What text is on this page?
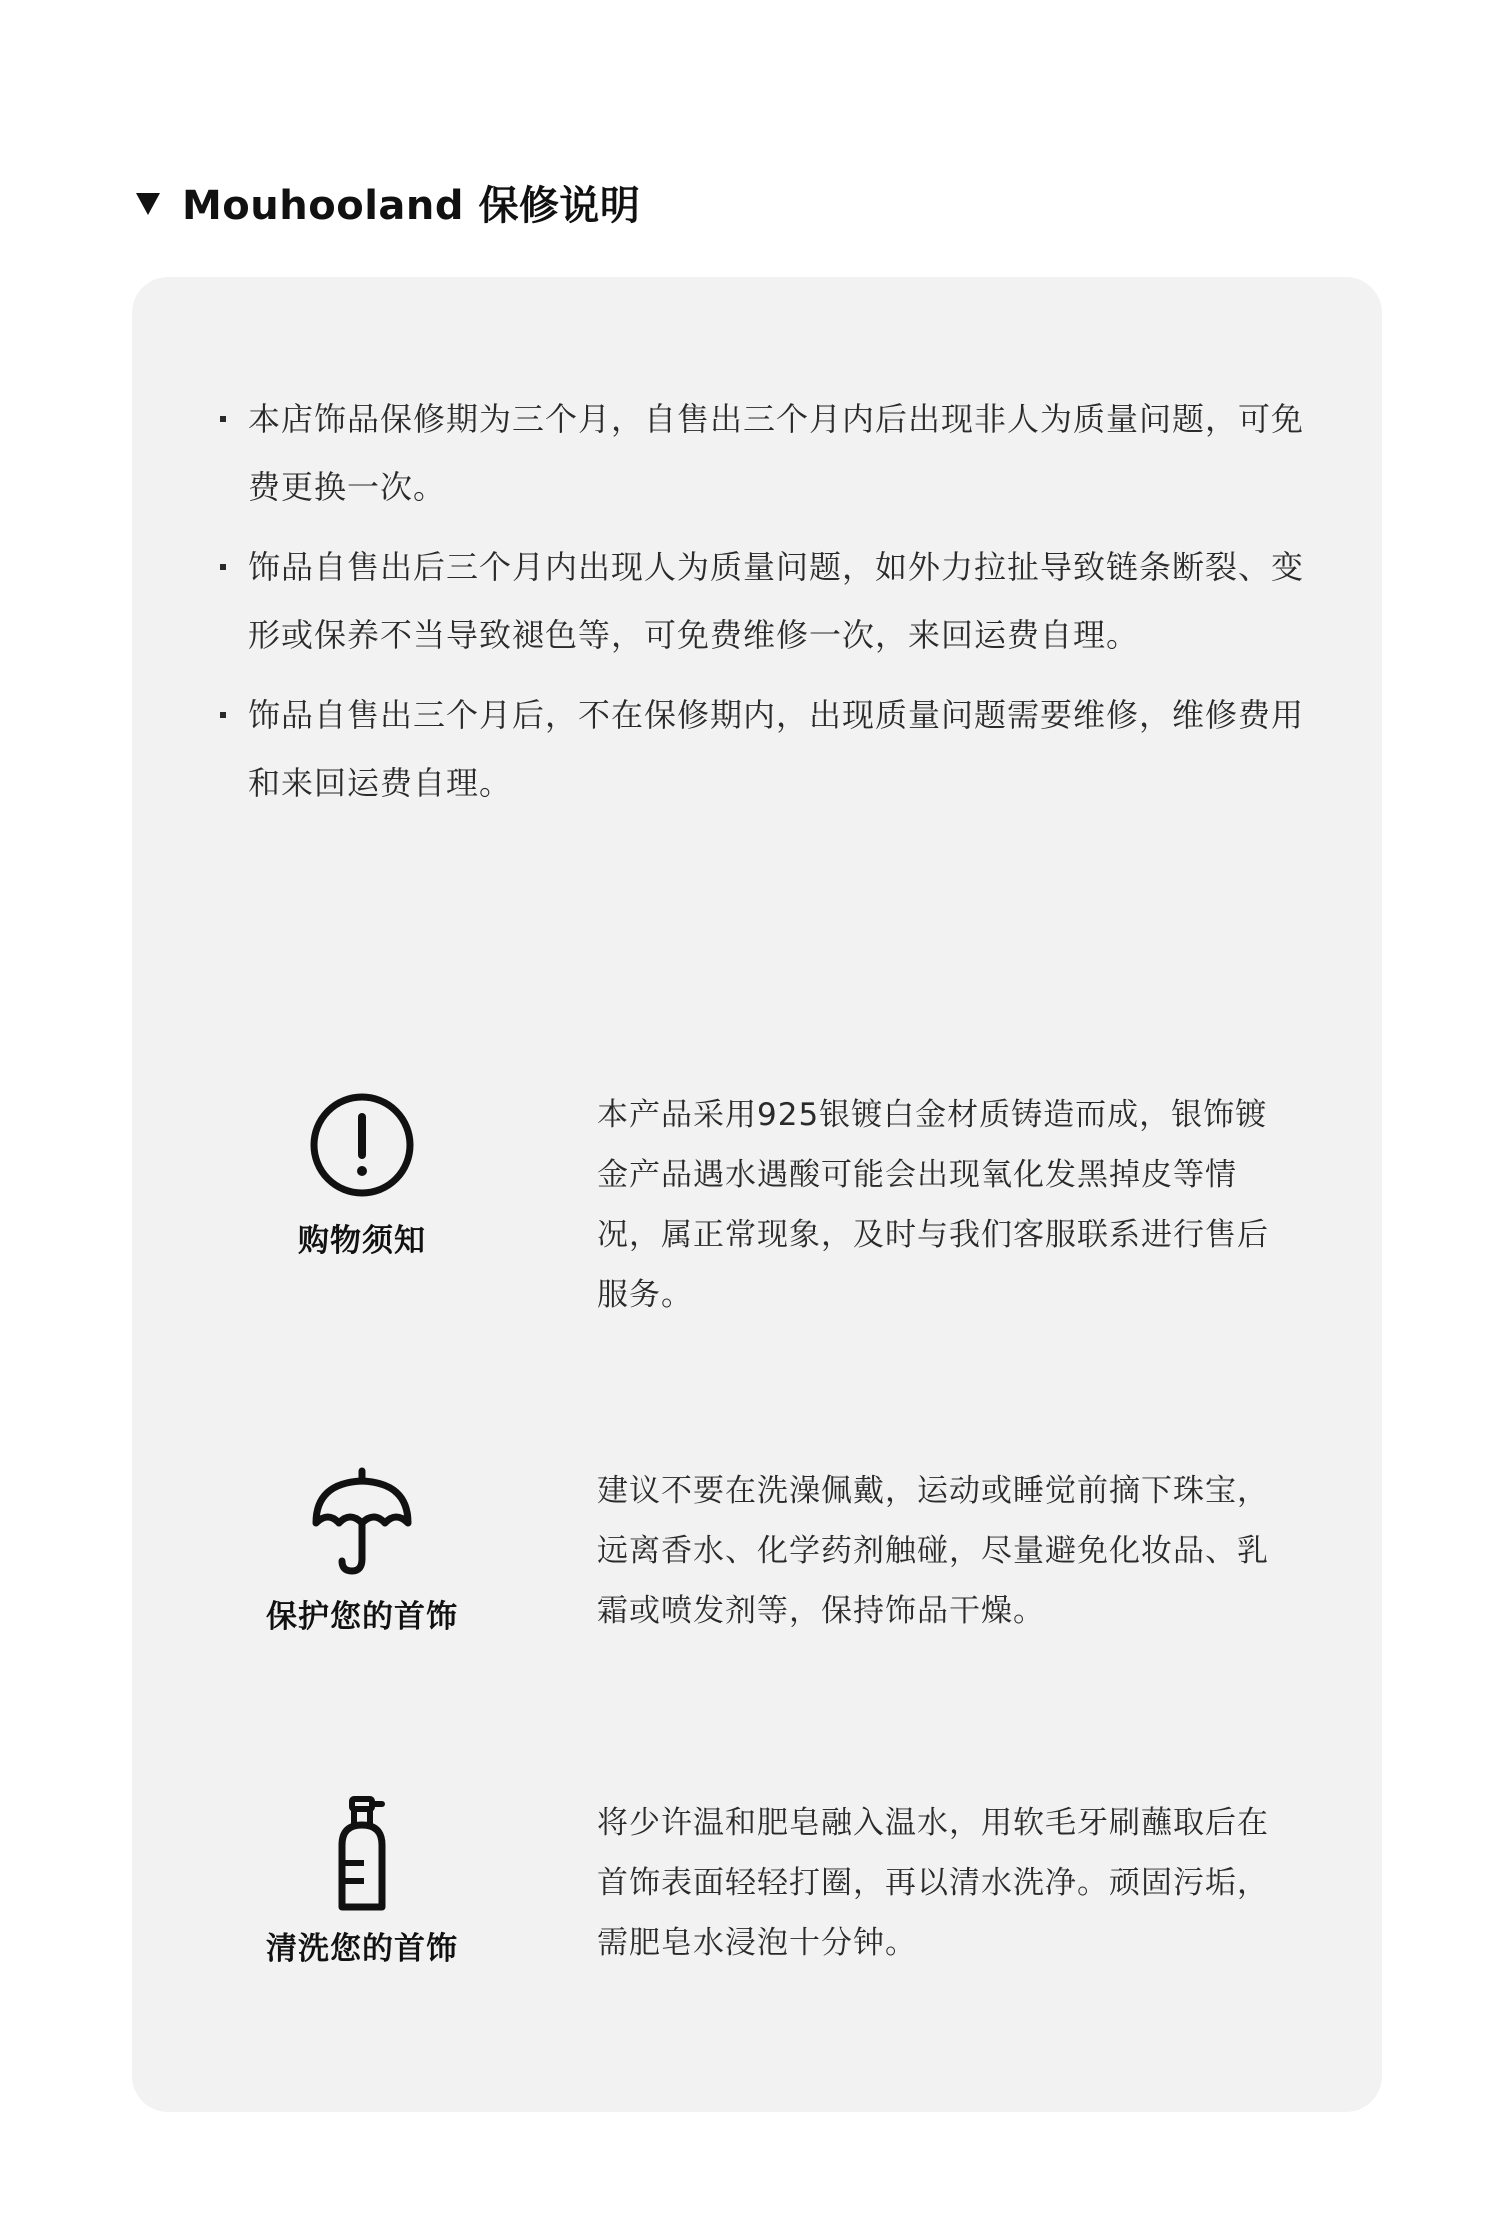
Mouhooland 保修说明
本店饰品保修期为三个月，自售出三个月内后出现非人为质量问题，可免费更换一次。
饰品自售出后三个月内出现人为质量问题，如外力拉扯导致链条断裂、变形或保养不当导致褪色等，可免费维修一次，来回运费自理。
饰品自售出三个月后，不在保修期内，出现质量问题需要维修，维修费用和来回运费自理。
购物须知

本产品采用925银镀白金材质铸造而成，银饰镀金产品遇水遇酸可能会出现氧化发黑掉皮等情况，属正常现象，及时与我们客服联系进行售后服务。

保护您的首饰

建议不要在洗澡佩戴，运动或睡觉前摘下珠宝，远离香水、化学药剂触碰，尽量避免化妆品、乳霜或喷发剂等，保持饰品干燥。

清洗您的首饰

将少许温和肥皂融入温水，用软毛牙刷蘸取后在首饰表面轻轻打圈，再以清水洗净。顽固污垢，需肥皂水浸泡十分钟。
